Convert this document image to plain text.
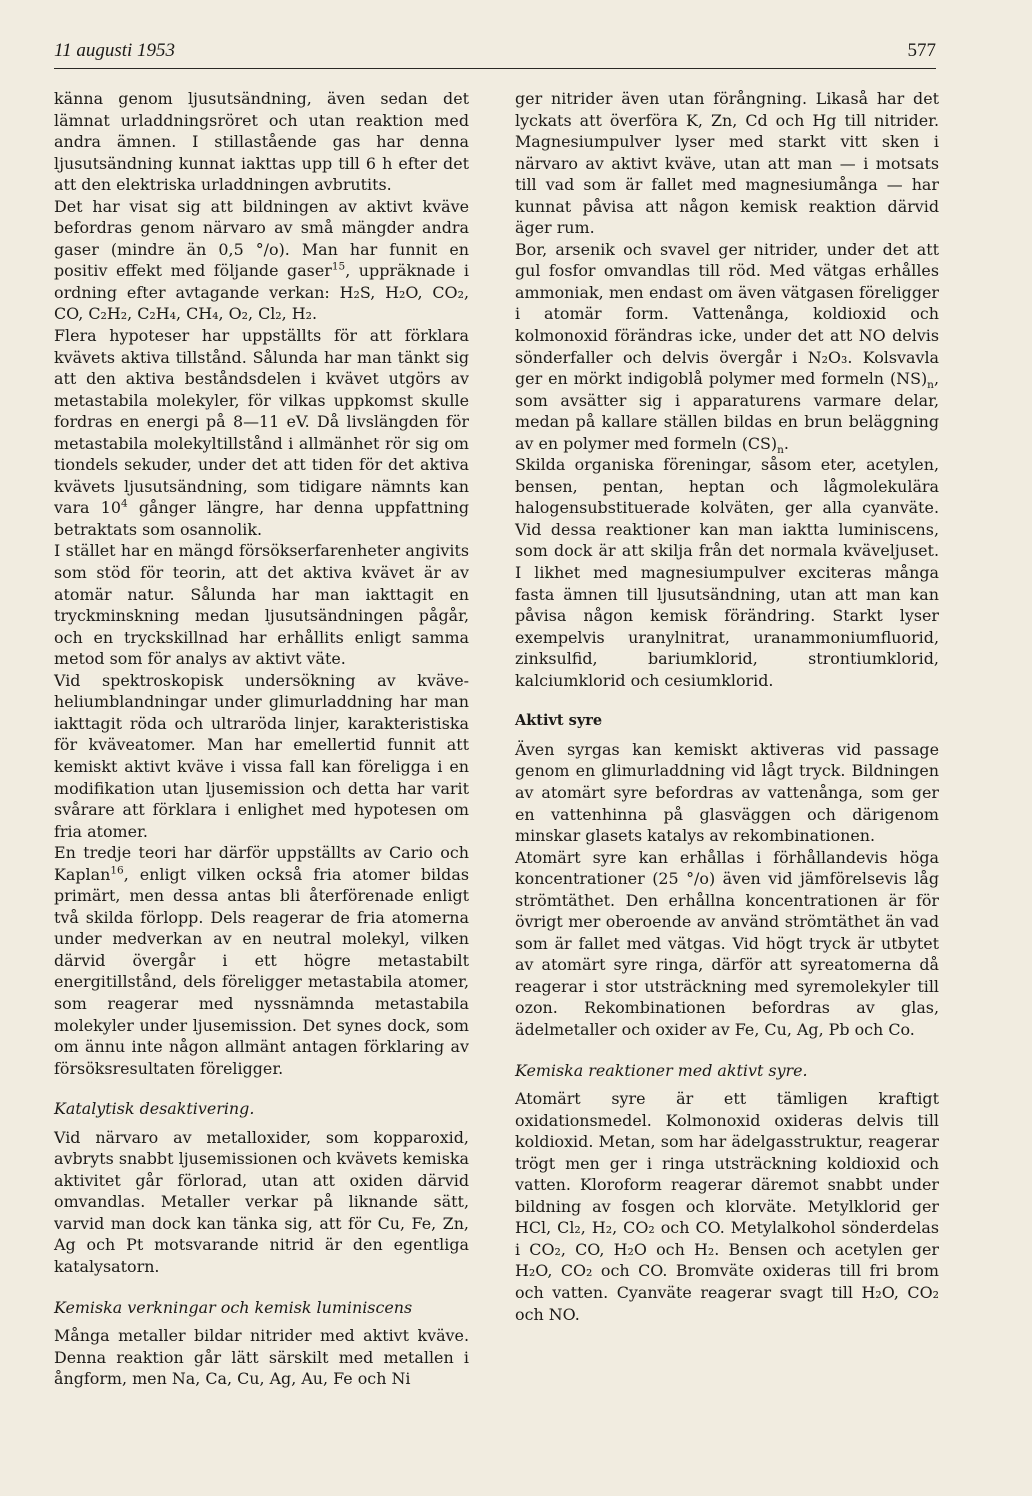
11 augusti 1953	577

känna genom ljusutsändning, även sedan det lämnat urladdningsröret och utan reaktion med andra ämnen. I stillastående gas har denna ljusutsändning kunnat iakttas upp till 6 h efter det att den elektriska urladdningen avbrutits.

Det har visat sig att bildningen av aktivt kväve befordras genom närvaro av små mängder andra gaser (mindre än 0,5 °/o). Man har funnit en positiv effekt med följande gaser$^{15}$, uppräknade i ordning efter avtagande verkan: H₂S, H₂O, CO₂, CO, C₂H₂, C₂H₄, CH₄, O₂, Cl₂, H₂.

Flera hypoteser har uppställts för att förklara kvävets aktiva tillstånd. Sålunda har man tänkt sig att den aktiva beståndsdelen i kvävet utgörs av metastabila molekyler, för vilkas uppkomst skulle fordras en energi på 8—11 eV. Då livslängden för metastabila molekyltillstånd i allmänhet rör sig om tiondels sekuder, under det att tiden för det aktiva kvävets ljusutsändning, som tidigare nämnts kan vara $10^4$ gånger längre, har denna uppfattning betraktats som osannolik.

I stället har en mängd försökserfarenheter angivits som stöd för teorin, att det aktiva kvävet är av atomär natur. Sålunda har man iakttagit en tryckminskning medan ljusutsändningen pågår, och en tryckskillnad har erhållits enligt samma metod som för analys av aktivt väte.

Vid spektroskopisk undersökning av kväve-heliumblandningar under glimurladdning har man iakttagit röda och ultraröda linjer, karakteristiska för kväveatomer. Man har emellertid funnit att kemiskt aktivt kväve i vissa fall kan föreligga i en modifikation utan ljusemission och detta har varit svårare att förklara i enlighet med hypotesen om fria atomer.

En tredje teori har därför uppställts av Cario och Kaplan$^{16}$, enligt vilken också fria atomer bildas primärt, men dessa antas bli återförenade enligt två skilda förlopp. Dels reagerar de fria atomerna under medverkan av en neutral molekyl, vilken därvid övergår i ett högre metastabilt energitillstånd, dels föreligger metastabila atomer, som reagerar med nyssnämnda metastabila molekyler under ljusemission. Det synes dock, som om ännu inte någon allmänt antagen förklaring av försöksresultaten föreligger.

Katalytisk desaktivering.

Vid närvaro av metalloxider, som kopparoxid, avbryts snabbt ljusemissionen och kvävets kemiska aktivitet går förlorad, utan att oxiden därvid omvandlas. Metaller verkar på liknande sätt, varvid man dock kan tänka sig, att för Cu, Fe, Zn, Ag och Pt motsvarande nitrid är den egentliga katalysatorn.

Kemiska verkningar och kemisk luminiscens

Många metaller bildar nitrider med aktivt kväve. Denna reaktion går lätt särskilt med metallen i ångform, men Na, Ca, Cu, Ag, Au, Fe och Ni

ger nitrider även utan förångning. Likaså har det lyckats att överföra K, Zn, Cd och Hg till nitrider. Magnesiumpulver lyser med starkt vitt sken i närvaro av aktivt kväve, utan att man — i motsats till vad som är fallet med magnesiumånga — har kunnat påvisa att någon kemisk reaktion därvid äger rum.

Bor, arsenik och svavel ger nitrider, under det att gul fosfor omvandlas till röd. Med vätgas erhålles ammoniak, men endast om även vätgasen föreligger i atomär form. Vattenånga, koldioxid och kolmonoxid förändras icke, under det att NO delvis sönderfaller och delvis övergår i N₂O₃. Kolsvavla ger en mörkt indigoblå polymer med formeln $(NS)_n$, som avsätter sig i apparaturens varmare delar, medan på kallare ställen bildas en brun beläggning av en polymer med formeln $(CS)_n$.

Skilda organiska föreningar, såsom eter, acetylen, bensen, pentan, heptan och lågmolekulära halogensubstituerade kolväten, ger alla cyanväte. Vid dessa reaktioner kan man iaktta luminiscens, som dock är att skilja från det normala kväveljuset. I likhet med magnesiumpulver exciteras många fasta ämnen till ljusutsändning, utan att man kan påvisa någon kemisk förändring. Starkt lyser exempelvis uranylnitrat, uranammoniumfluorid, zinksulfid, bariumklorid, strontiumklorid, kalciumklorid och cesiumklorid.

Aktivt syre

Även syrgas kan kemiskt aktiveras vid passage genom en glimurladdning vid lågt tryck. Bildningen av atomärt syre befordras av vattenånga, som ger en vattenhinna på glasväggen och därigenom minskar glasets katalys av rekombinationen.

Atomärt syre kan erhållas i förhållandevis höga koncentrationer (25 °/o) även vid jämförelsevis låg strömtäthet. Den erhållna koncentrationen är för övrigt mer oberoende av använd strömtäthet än vad som är fallet med vätgas. Vid högt tryck är utbytet av atomärt syre ringa, därför att syreatomerna då reagerar i stor utsträckning med syremolekyler till ozon. Rekombinationen befordras av glas, ädelmetaller och oxider av Fe, Cu, Ag, Pb och Co.

Kemiska reaktioner med aktivt syre.

Atomärt syre är ett tämligen kraftigt oxidationsmedel. Kolmonoxid oxideras delvis till koldioxid. Metan, som har ädelgasstruktur, reagerar trögt men ger i ringa utsträckning koldioxid och vatten. Kloroform reagerar däremot snabbt under bildning av fosgen och klorväte. Metylklorid ger HCl, Cl₂, H₂, CO₂ och CO. Metylalkohol sönderdelas i CO₂, CO, H₂O och H₂. Bensen och acetylen ger H₂O, CO₂ och CO. Bromväte oxideras till fri brom och vatten. Cyanväte reagerar svagt till H₂O, CO₂ och NO.
